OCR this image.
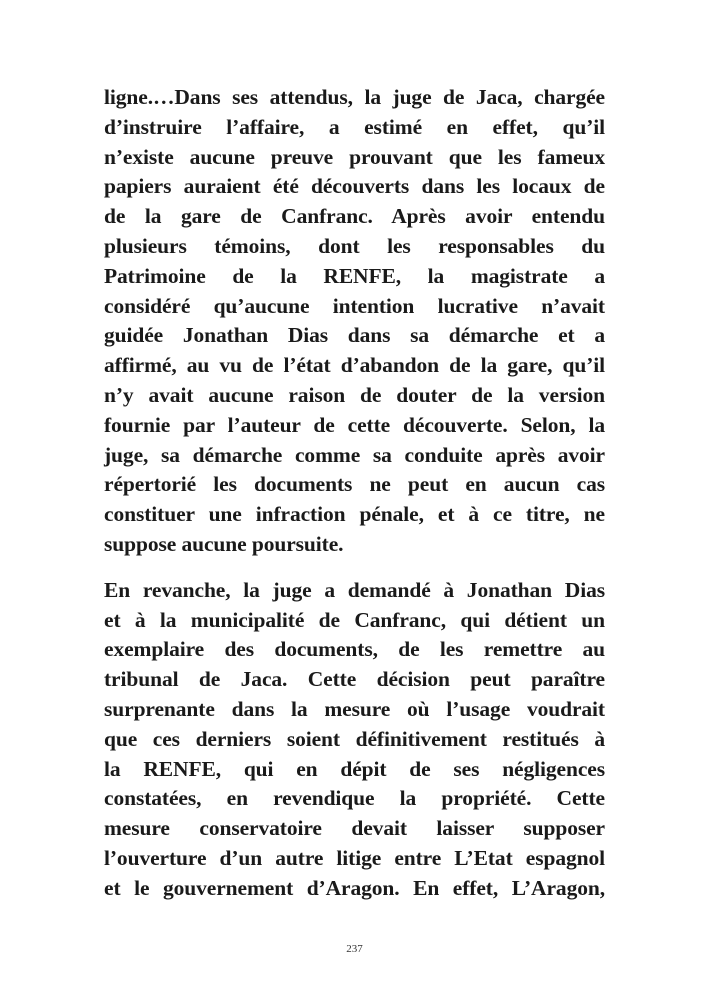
ligne.…Dans ses attendus, la juge de Jaca, chargée
d’instruire l’affaire, a estimé en effet, qu’il
n’existe aucune preuve prouvant que les fameux
papiers auraient été découverts dans les locaux de
de la gare de Canfranc. Après avoir entendu
plusieurs témoins, dont les responsables du
Patrimoine de la RENFE, la magistrate a
considéré qu’aucune intention lucrative n’avait
guidée Jonathan Dias dans sa démarche et a
affirmé, au vu de l’état d’abandon de la gare, qu’il
n’y avait aucune raison de douter de la version
fournie par l’auteur de cette découverte. Selon, la
juge, sa démarche comme sa conduite après avoir
répertorié les documents ne peut en aucun cas
constituer une infraction pénale, et à ce titre, ne
suppose aucune poursuite.

En revanche, la juge a demandé à Jonathan Dias
et à la municipalité de Canfranc, qui détient un
exemplaire des documents, de les remettre au
tribunal de Jaca. Cette décision peut paraître
surprenante dans la mesure où l’usage voudrait
que ces derniers soient définitivement restitués à
la RENFE, qui en dépit de ses négligences
constatées, en revendique la propriété. Cette
mesure conservatoire devait laisser supposer
l’ouverture d’un autre litige entre L’Etat espagnol
et le gouvernement d’Aragon. En effet, L’Aragon,

237
